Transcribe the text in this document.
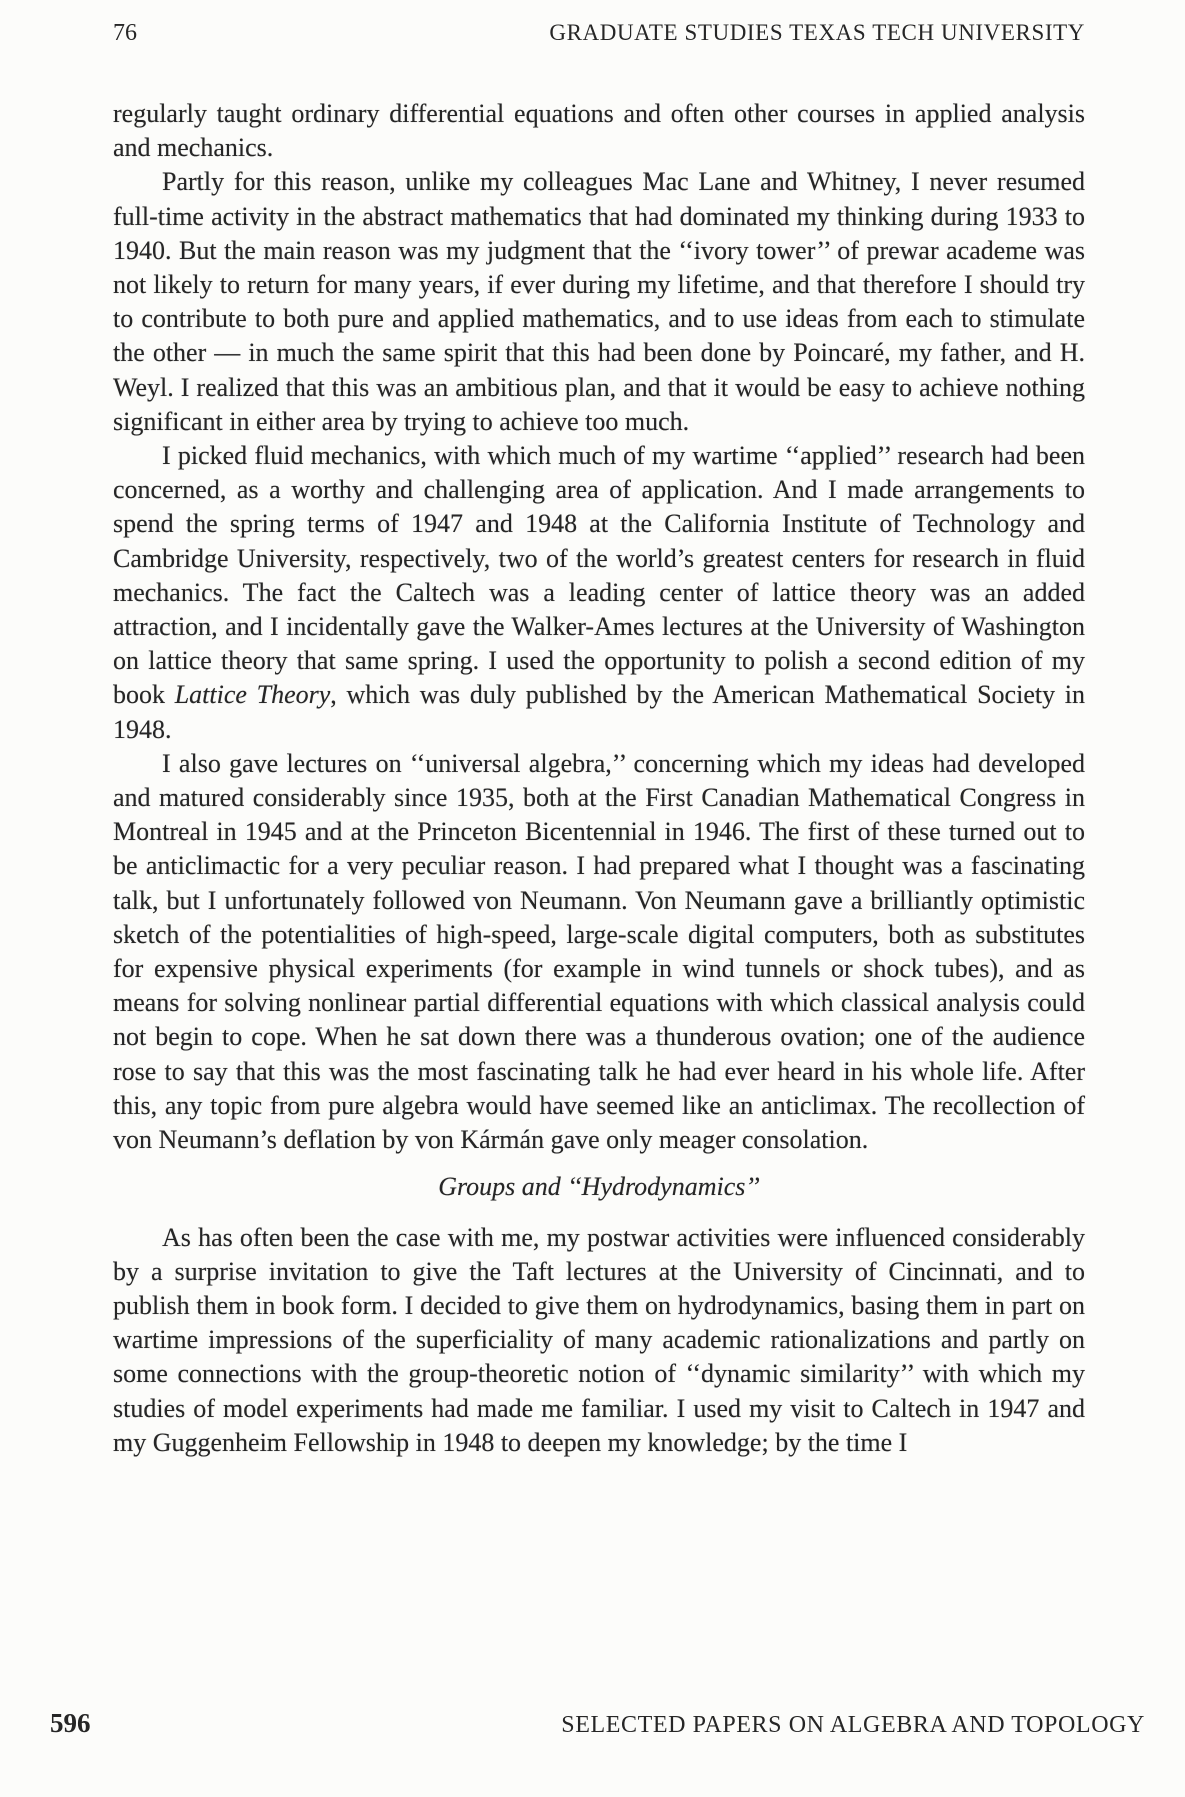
76	GRADUATE STUDIES TEXAS TECH UNIVERSITY

regularly taught ordinary differential equations and often other courses in applied analysis and mechanics.

Partly for this reason, unlike my colleagues Mac Lane and Whitney, I never resumed full-time activity in the abstract mathematics that had dominated my thinking during 1933 to 1940. But the main reason was my judgment that the ‘‘ivory tower’’ of prewar academe was not likely to return for many years, if ever during my lifetime, and that therefore I should try to contribute to both pure and applied mathematics, and to use ideas from each to stimulate the other — in much the same spirit that this had been done by Poincaré, my father, and H. Weyl. I realized that this was an ambitious plan, and that it would be easy to achieve nothing significant in either area by trying to achieve too much.

I picked fluid mechanics, with which much of my wartime ‘‘applied’’ research had been concerned, as a worthy and challenging area of application. And I made arrangements to spend the spring terms of 1947 and 1948 at the California Institute of Technology and Cambridge University, respectively, two of the world’s greatest centers for research in fluid mechanics. The fact the Caltech was a leading center of lattice theory was an added attraction, and I incidentally gave the Walker-Ames lectures at the University of Washington on lattice theory that same spring. I used the opportunity to polish a second edition of my book Lattice Theory, which was duly published by the American Mathematical Society in 1948.

I also gave lectures on ‘‘universal algebra,’’ concerning which my ideas had developed and matured considerably since 1935, both at the First Canadian Mathematical Congress in Montreal in 1945 and at the Princeton Bicentennial in 1946. The first of these turned out to be anticlimactic for a very peculiar reason. I had prepared what I thought was a fascinating talk, but I unfortunately followed von Neumann. Von Neumann gave a brilliantly optimistic sketch of the potentialities of high-speed, large-scale digital computers, both as substitutes for expensive physical experiments (for example in wind tunnels or shock tubes), and as means for solving nonlinear partial differential equations with which classical analysis could not begin to cope. When he sat down there was a thunderous ovation; one of the audience rose to say that this was the most fascinating talk he had ever heard in his whole life. After this, any topic from pure algebra would have seemed like an anticlimax. The recollection of von Neumann’s deflation by von Kármán gave only meager consolation.

Groups and ‘‘Hydrodynamics’’

As has often been the case with me, my postwar activities were influenced considerably by a surprise invitation to give the Taft lectures at the University of Cincinnati, and to publish them in book form. I decided to give them on hydrodynamics, basing them in part on wartime impressions of the superficiality of many academic rationalizations and partly on some connections with the group-theoretic notion of ‘‘dynamic similarity’’ with which my studies of model experiments had made me familiar. I used my visit to Caltech in 1947 and my Guggenheim Fellowship in 1948 to deepen my knowledge; by the time I

596	SELECTED PAPERS ON ALGEBRA AND TOPOLOGY
